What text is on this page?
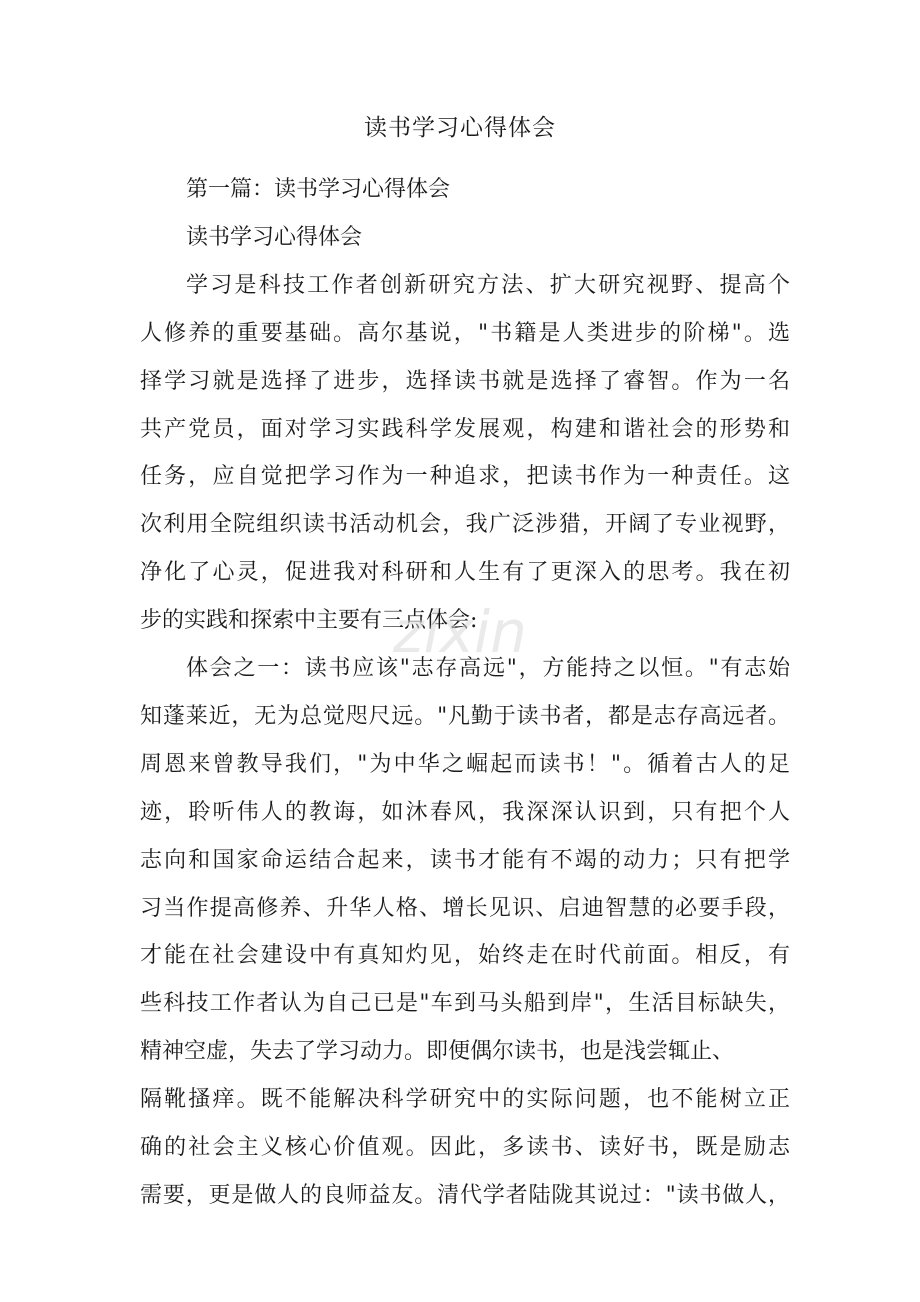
读书学习心得体会
第一篇：读书学习心得体会
读书学习心得体会
学习是科技工作者创新研究方法、扩大研究视野、提高个
人修养的重要基础。高尔基说，"书籍是人类进步的阶梯"。选
择学习就是选择了进步，选择读书就是选择了睿智。作为一名
共产党员，面对学习实践科学发展观，构建和谐社会的形势和
任务，应自觉把学习作为一种追求，把读书作为一种责任。这
次利用全院组织读书活动机会，我广泛涉猎，开阔了专业视野，
净化了心灵，促进我对科研和人生有了更深入的思考。我在初
步的实践和探索中主要有三点体会:
体会之一：读书应该"志存高远"，方能持之以恒。"有志始
知蓬莱近，无为总觉咫尺远。"凡勤于读书者，都是志存高远者。
周恩来曾教导我们，"为中华之崛起而读书！"。循着古人的足
迹，聆听伟人的教诲，如沐春风，我深深认识到，只有把个人
志向和国家命运结合起来，读书才能有不竭的动力；只有把学
习当作提高修养、升华人格、增长见识、启迪智慧的必要手段，
才能在社会建设中有真知灼见，始终走在时代前面。相反，有
些科技工作者认为自己已是"车到马头船到岸"，生活目标缺失，
精神空虚，失去了学习动力。即便偶尔读书，也是浅尝辄止、
隔靴搔痒。既不能解决科学研究中的实际问题，也不能树立正
确的社会主义核心价值观。因此，多读书、读好书，既是励志
需要，更是做人的良师益友。清代学者陆陇其说过："读书做人，
zixin
